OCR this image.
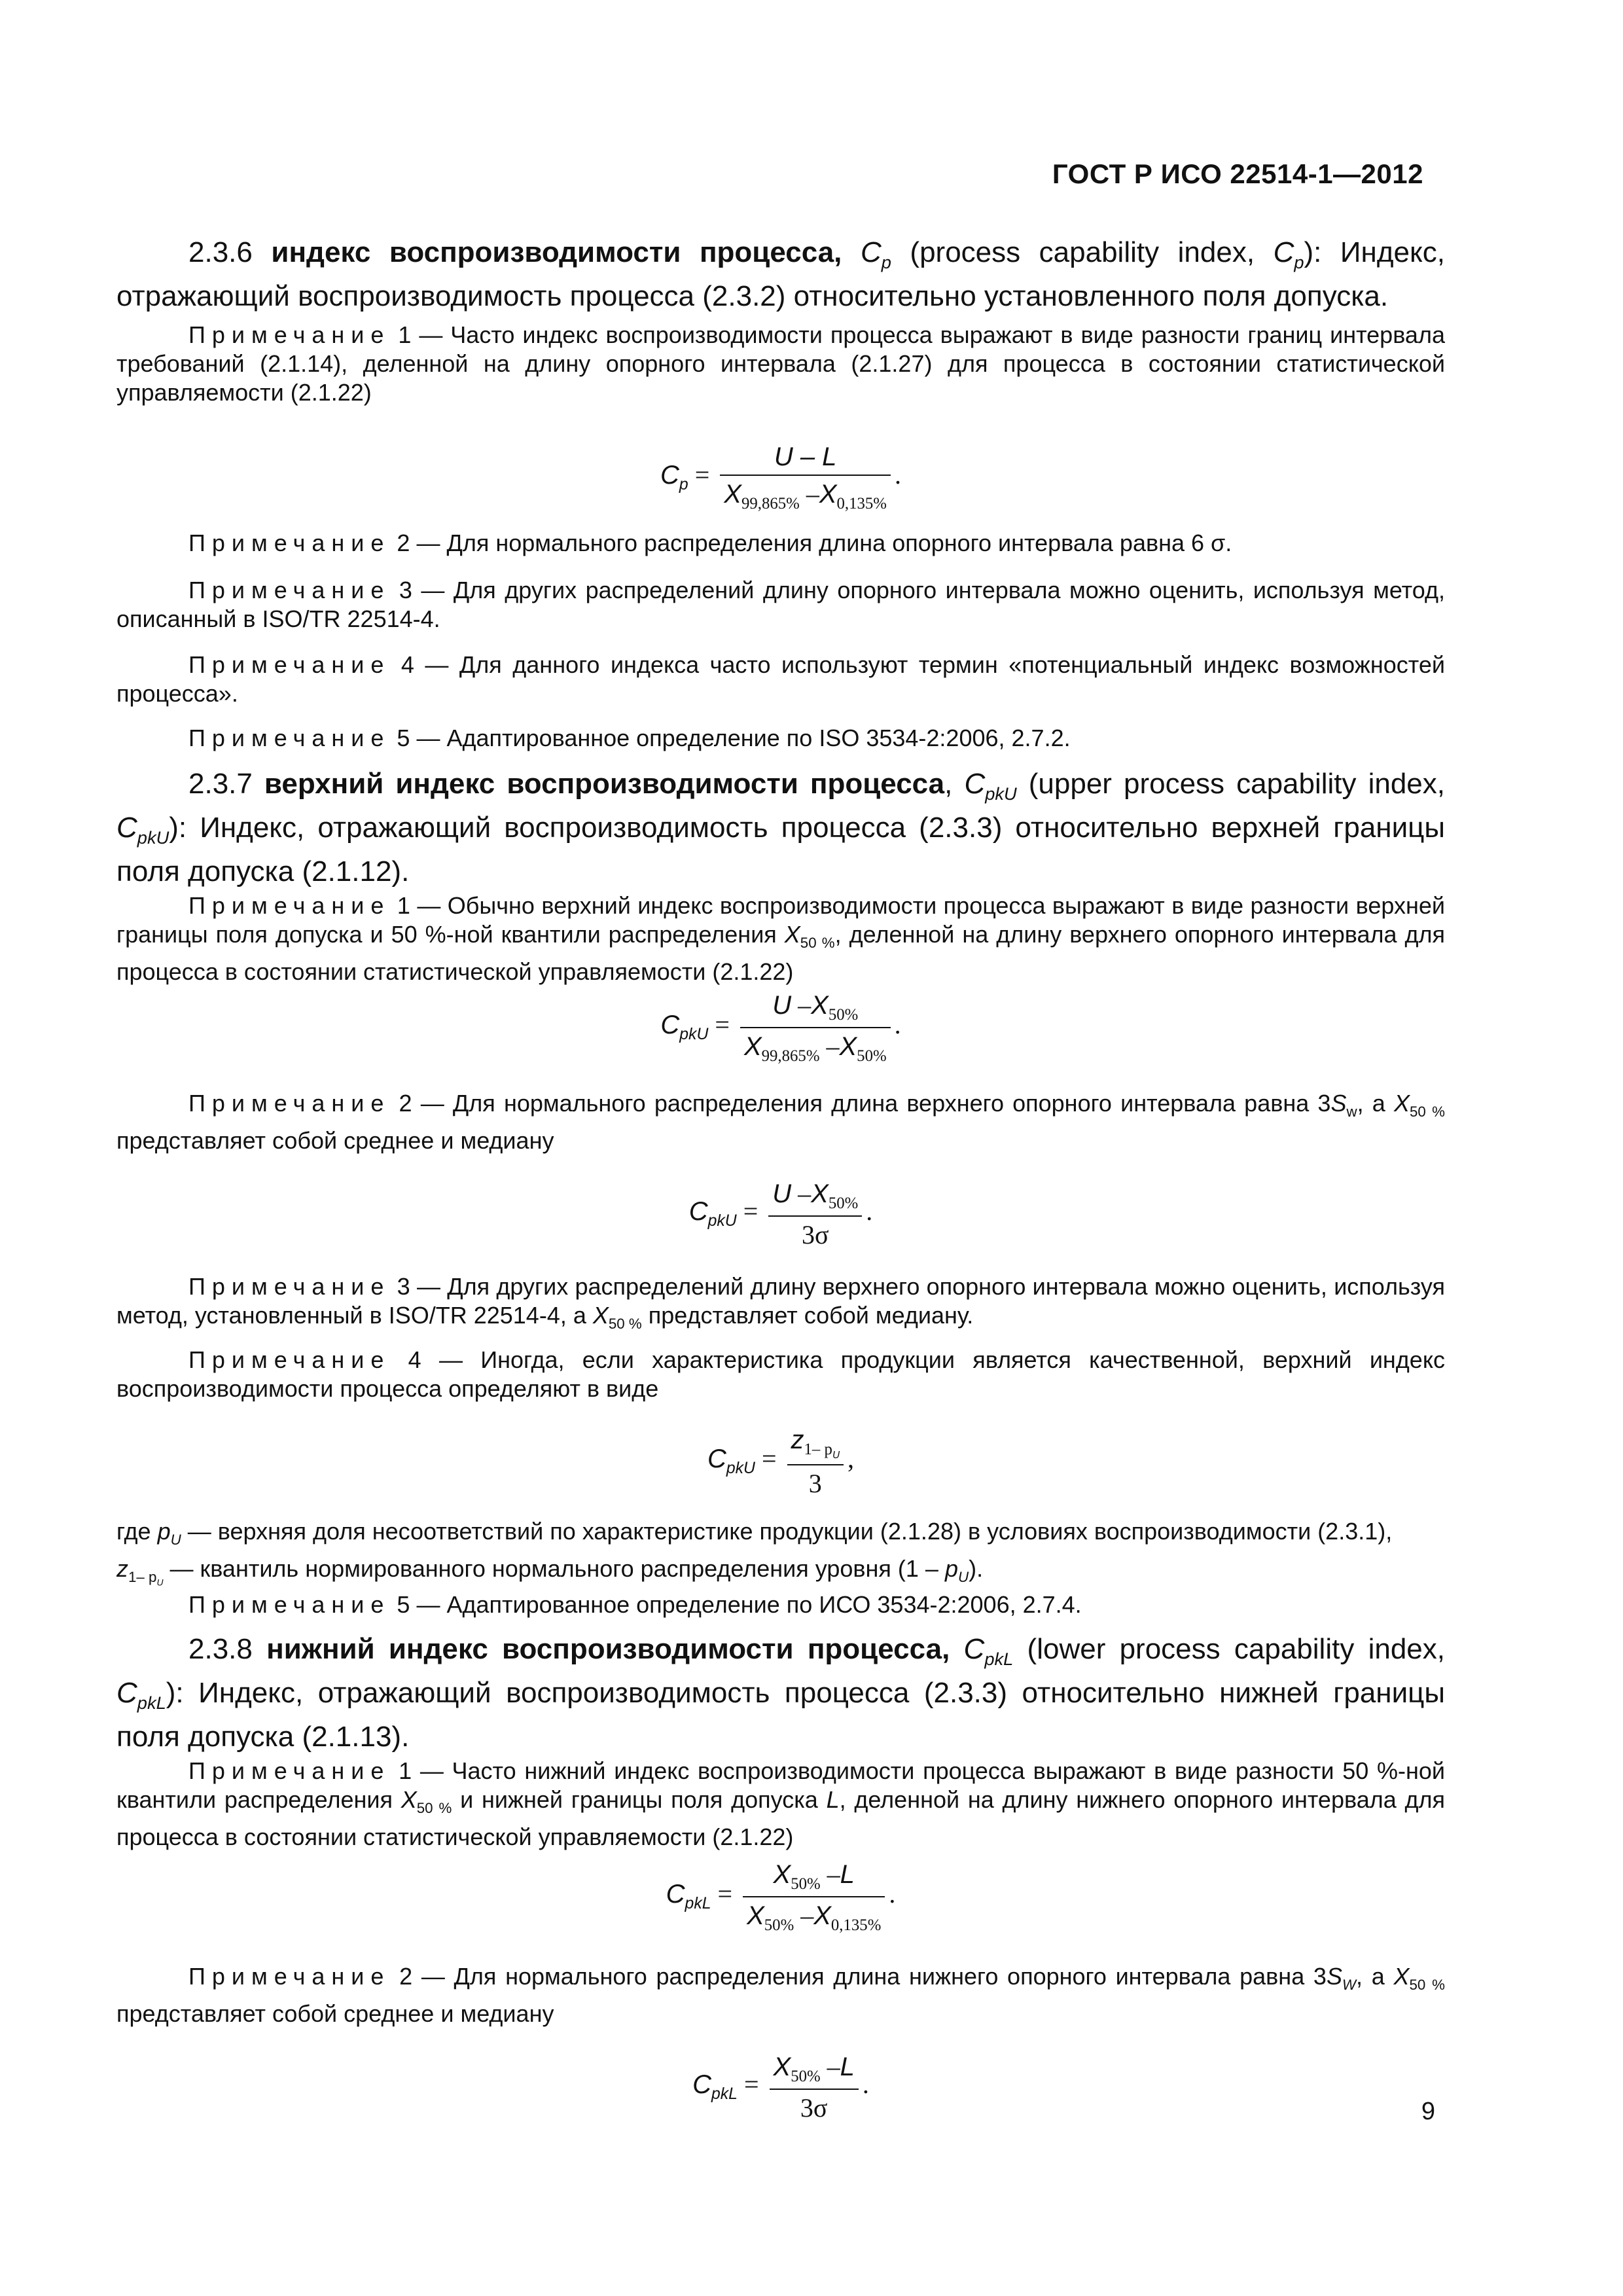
ГОСТ Р ИСО 22514-1—2012

2.3.6 индекс воспроизводимости процесса, $C_p$ (process capability index, $C_p$): Индекс, отражающий воспроизводимость процесса (2.3.2) относительно установленного поля допуска.

Примечание 1 — Часто индекс воспроизводимости процесса выражают в виде разности границ интервала требований (2.1.14), деленной на длину опорного интервала (2.1.27) для процесса в состоянии статистической управляемости (2.1.22)

$C_p = \frac{U - L}{X_{99,865\%} -X_{0,135\%}}$ .

Примечание 2 — Для нормального распределения длина опорного интервала равна 6 σ.

Примечание 3 — Для других распределений длину опорного интервала можно оценить, используя метод, описанный в ISO/TR 22514-4.

Примечание 4 — Для данного индекса часто используют термин «потенциальный индекс возможностей процесса».

Примечание 5 — Адаптированное определение по ISO 3534-2:2006, 2.7.2.

2.3.7 верхний индекс воспроизводимости процесса, $C_{pkU}$ (upper process capability index, $C_{pkU}$): Индекс, отражающий воспроизводимость процесса (2.3.3) относительно верхней границы поля допуска (2.1.12).

Примечание 1 — Обычно верхний индекс воспроизводимости процесса выражают в виде разности верхней границы поля допуска и 50 %-ной квантили распределения $X_{50 \%}$, деленной на длину верхнего опорного интервала для процесса в состоянии статистической управляемости (2.1.22)

$C_{pkU} = \frac{U -X_{50\%}}{X_{99,865\%} -X_{50\%}}$ .

Примечание 2 — Для нормального распределения длина верхнего опорного интервала равна $3S_w$, а $X_{50 \%}$ представляет собой среднее и медиану

$C_{pkU} = \frac{U -X_{50\%}}{3\sigma}$ .

Примечание 3 — Для других распределений длину верхнего опорного интервала можно оценить, используя метод, установленный в ISO/TR 22514-4, а $X_{50 \%}$ представляет собой медиану.

Примечание 4 — Иногда, если характеристика продукции является качественной, верхний индекс воспроизводимости процесса определяют в виде

$C_{pkU} = \frac{z_{1- p_U}}{3}$ ,

где $p_U$ — верхняя доля несоответствий по характеристике продукции (2.1.28) в условиях воспроизводимости (2.3.1),
$z_{1- p_U}$ — квантиль нормированного нормального распределения уровня $(1 - p_U)$.

Примечание 5 — Адаптированное определение по ИСО 3534-2:2006, 2.7.4.

2.3.8 нижний индекс воспроизводимости процесса, $C_{pkL}$ (lower process capability index, $C_{pkL}$): Индекс, отражающий воспроизводимость процесса (2.3.3) относительно нижней границы поля допуска (2.1.13).

Примечание 1 — Часто нижний индекс воспроизводимости процесса выражают в виде разности 50 %-ной квантили распределения $X_{50 \%}$ и нижней границы поля допуска L, деленной на длину нижнего опорного интервала для процесса в состоянии статистической управляемости (2.1.22)

$C_{pkL} = \frac{X_{50\%} -L}{X_{50\%} -X_{0,135\%}}$ .

Примечание 2 — Для нормального распределения длина нижнего опорного интервала равна $3S_W$, а $X_{50 \%}$ представляет собой среднее и медиану

$C_{pkL} = \frac{X_{50\%} -L}{3\sigma}$ .

9
